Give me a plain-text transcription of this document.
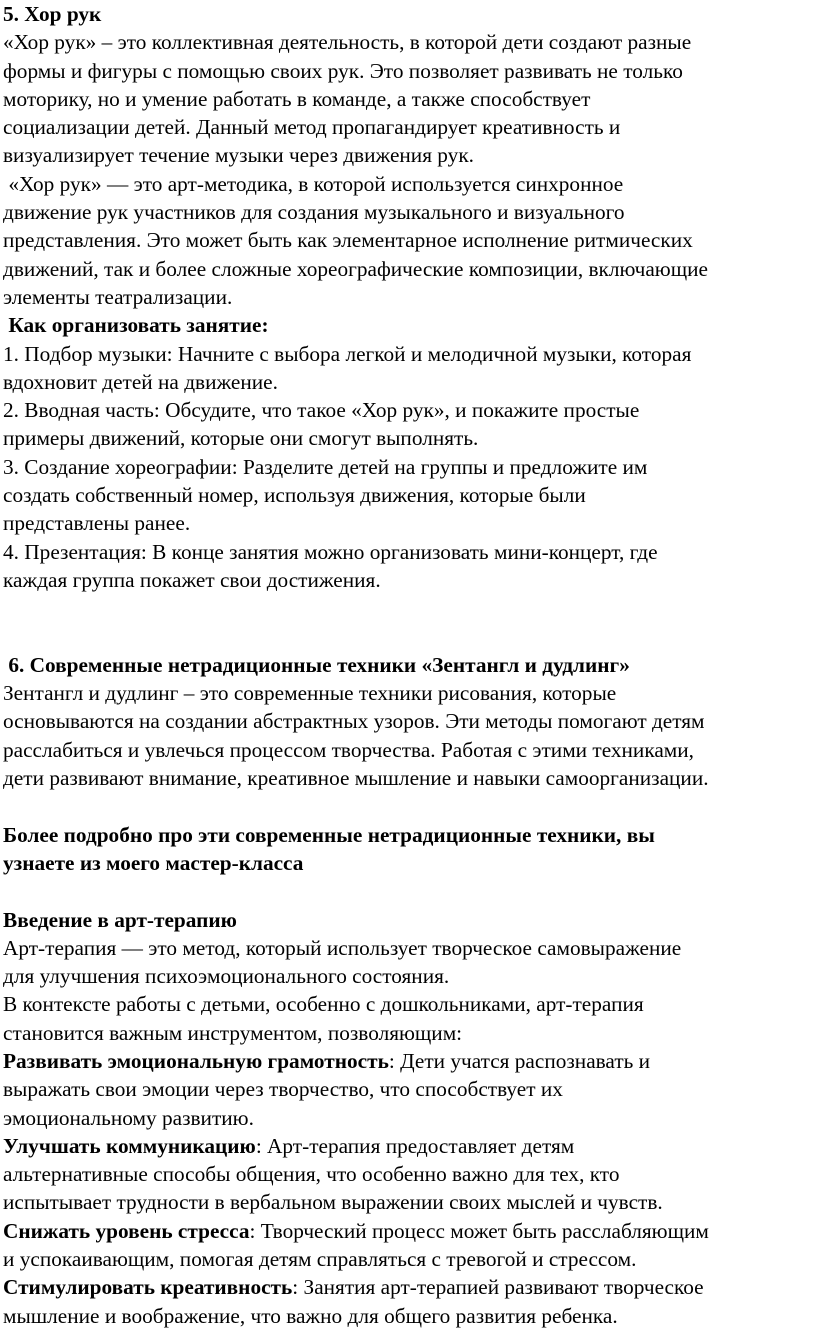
5. Хор рук
«Хор рук» – это коллективная деятельность, в которой дети создают разные
формы и фигуры с помощью своих рук. Это позволяет развивать не только
моторику, но и умение работать в команде, а также способствует
социализации детей. Данный метод пропагандирует креативность и
визуализирует течение музыки через движения рук.
«Хор рук» — это арт-методика, в которой используется синхронное
движение рук участников для создания музыкального и визуального
представления. Это может быть как элементарное исполнение ритмических
движений, так и более сложные хореографические композиции, включающие
элементы театрализации.
Как организовать занятие:
1. Подбор музыки: Начните с выбора легкой и мелодичной музыки, которая
вдохновит детей на движение.
2. Вводная часть: Обсудите, что такое «Хор рук», и покажите простые
примеры движений, которые они смогут выполнять.
3. Создание хореографии: Разделите детей на группы и предложите им
создать собственный номер, используя движения, которые были
представлены ранее.
4. Презентация: В конце занятия можно организовать мини-концерт, где
каждая группа покажет свои достижения.
6. Современные нетрадиционные техники «Зентангл и дудлинг»
Зентангл и дудлинг – это современные техники рисования, которые
основываются на создании абстрактных узоров. Эти методы помогают детям
расслабиться и увлечься процессом творчества. Работая с этими техниками,
дети развивают внимание, креативное мышление и навыки самоорганизации.
Более подробно про эти современные нетрадиционные техники, вы
узнаете из моего мастер-класса
Введение в арт-терапию
Арт-терапия — это метод, который использует творческое самовыражение
для улучшения психоэмоционального состояния.
В контексте работы с детьми, особенно с дошкольниками, арт-терапия
становится важным инструментом, позволяющим:
Развивать эмоциональную грамотность: Дети учатся распознавать и
выражать свои эмоции через творчество, что способствует их
эмоциональному развитию.
Улучшать коммуникацию: Арт-терапия предоставляет детям
альтернативные способы общения, что особенно важно для тех, кто
испытывает трудности в вербальном выражении своих мыслей и чувств.
Снижать уровень стресса: Творческий процесс может быть расслабляющим
и успокаивающим, помогая детям справляться с тревогой и стрессом.
Стимулировать креативность: Занятия арт-терапией развивают творческое
мышление и воображение, что важно для общего развития ребенка.
